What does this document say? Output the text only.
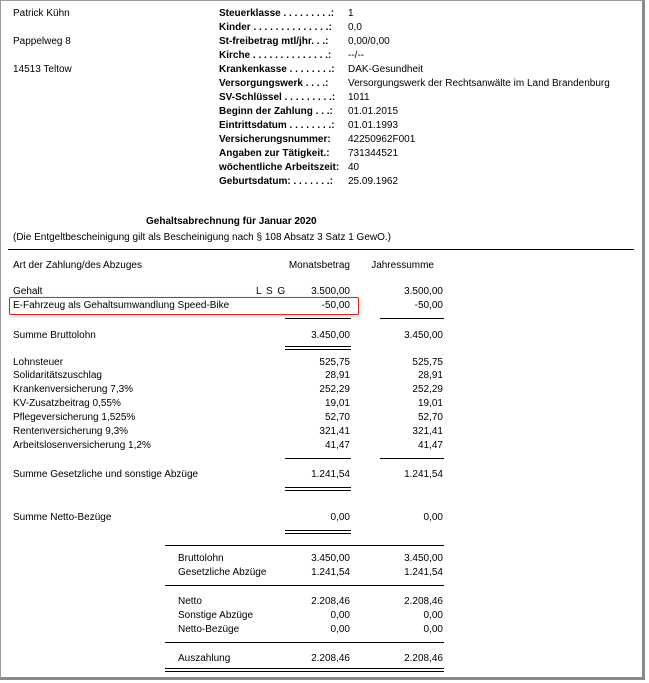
Patrick Kühn
Pappelweg 8
14513 Teltow
Steuerklasse . . . . . . . . .: 1
Kinder . . . . . . . . . . . . . .: 0,0
St-freibetrag mtl/jhr. . .: 0,00/0,00
Kirche . . . . . . . . . . . . . .: --/--
Krankenkasse . . . . . . . .: DAK-Gesundheit
Versorgungswerk . . . .: Versorgungswerk der Rechtsanwälte im Land Brandenburg
SV-Schlüssel . . . . . . . . .: 1011
Beginn der Zahlung . . .: 01.01.2015
Eintrittsdatum . . . . . . . .: 01.01.1993
Versicherungsnummer: 42250962F001
Angaben zur Tätigkeit.: 731344521
wöchentliche Arbeitszeit: 40
Geburtsdatum: . . . . . . .: 25.09.1962
Gehaltsabrechnung für Januar 2020
(Die Entgeltbescheinigung gilt als Bescheinigung nach § 108 Absatz 3 Satz 1 GewO.)
Art der Zahlung/des Abzuges	Monatsbetrag	Jahressumme
Gehalt	L S G	3.500,00	3.500,00
E-Fahrzeug als Gehaltsumwandlung Speed-Bike	-50,00	-50,00
Summe Bruttolohn	3.450,00	3.450,00
Lohnsteuer	525,75	525,75
Solidaritätszuschlag	28,91	28,91
Krankenversicherung 7,3%	252,29	252,29
KV-Zusatzbeitrag 0,55%	19,01	19,01
Pflegeversicherung 1,525%	52,70	52,70
Rentenversicherung 9,3%	321,41	321,41
Arbeitslosenversicherung 1,2%	41,47	41,47
Summe Gesetzliche und sonstige Abzüge	1.241,54	1.241,54
Summe Netto-Bezüge	0,00	0,00
Bruttolohn	3.450,00	3.450,00
Gesetzliche Abzüge	1.241,54	1.241,54
Netto	2.208,46	2.208,46
Sonstige Abzüge	0,00	0,00
Netto-Bezüge	0,00	0,00
Auszahlung	2.208,46	2.208,46
